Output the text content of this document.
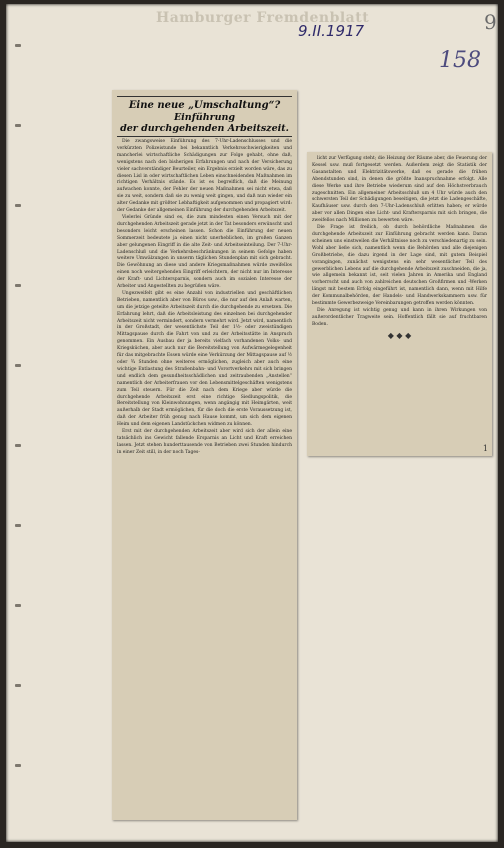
Hamburger Fremdenblatt
9.II.1917	9
158
Eine neue „Umschaltung“?
Einführung
der durchgehenden Arbeitszeit.

Die zwangsweise Einführung des 7-Uhr-Ladenschlusses und die verkürzten Polizeistunde bei bekanntlich Verkehrsschwierigkeiten und mancherlei wirtschaftliche Schädigungen zur Folge gehabt, ohne daß, wenigstens nach den bisherigen Erfahrungen und nach der Versicherung vieler sachverständiger Beurteiler, ein Ergebnis erzielt worden wäre, das zu diesen Lisl in oder wirtschaftlichen Leben einschneidenden Maßnahmen im richtigen Verhältnis stände. Es ist es begreiflich, daß die Meinung aufwachen konnte, der Fehler der neuen Maßnahmen sei nicht etwa, daß sie zu weit, sondern daß sie zu wenig weit gingen, und daß nun wieder ein alter Gedanke mit größter Lebhaftigkeit aufgenommen und propagiert wird: der Gedanke der allgemeinen Einführung der durchgehenden Arbeitszeit.

Vielerlei Gründe sind es, die zum mindesten einen Versuch mit der durchgehenden Arbeitszeit gerade jetzt in der Tat besonders erwünscht und besonders leicht erscheinen lassen. Schon die Einführung der neuen Sommerzeit bedeutete ja einen nicht unerheblichen, im großen Ganzen aber gelungenen Eingriff in die alte Zeit- und Arbeitseinteilung. Der 7-Uhr-Ladenschluß und die Verkehrsbeschränkungen in seinem Gefolge haben weitere Umwälzungen in unserm täglichen Stundenplan mit sich gebracht. Die Gewöhnung an diese und andere Kriegsmaßnahmen würde zweifellos einen noch weitergehenden Eingriff erleichtern, der nicht nur im Interesse der Kraft- und Lichtersparnis, sondern auch im sozialen Interesse der Arbeiter und Angestellten zu begrüßen wäre.

Ungezweifelt gibt es eine Anzahl von industriellen und geschäftlichen Betrieben, namentlich aber von Büros usw., die nur auf den Anlaß warten, um die jetzige geteilte Arbeitszeit durch die durchgehende zu ersetzen. Die Erfahrung lehrt, daß die Arbeitsleistung des einzelnen bei durchgehender Arbeitszeit nicht vermindert, sondern vermehrt wird. Jetzt wird, namentlich in der Großstadt, der wesentlichste Teil der 1½- oder zweistündigen Mittagspause durch die Fahrt von und zu der Arbeitsstätte in Anspruch genommen. Ein Ausbau der ja bereits vielfach vorhandenen Volks- und Kriegsküchen, aber auch nur die Bereitstellung von Aufwärmegelegenheit für das mitgebrachte Essen würde eine Verkürzung der Mittagspause auf ½ oder ¾ Stunden ohne weiteres ermöglichen, zugleich aber auch eine wichtige Entlastung des Straßenbahn- und Vorortverkehrs mit sich bringen und endlich dem gesundheitsschädlichen und zeitraubenden „Anstellen“ namentlich der Arbeiterfrauen vor den Lebensmittelgeschäften wenigstens zum Teil steuern. Für die Zeit nach dem Kriege aber würde die durchgehende Arbeitszeit erst eine richtige Siedlungspolitik, die Bereitstellung von Kleinwohnungen, wenn angängig mit Heimgärten, weit außerhalb der Stadt ermöglichen, für die doch die erste Voraussetzung ist, daß der Arbeiter früh genug nach Hause kommt, um sich dem eigenen Heim und dem eigenen Landstückchen widmen zu können.

Erst mit der durchgehenden Arbeitszeit aber wird sich der allein eine tatsächlich ins Gewicht fallende Ersparnis an Licht und Kraft erreichen lassen. Jetzt stehen hunderttausende von Betrieben zwei Stunden hindurch in einer Zeit still, in der noch Tages-

licht zur Verfügung steht; die Heizung der Räume aber, die Feuerung der Kessel usw. muß fortgesetzt werden. Außerdem zeigt die Statistik der Gasanstalten und Elektrizitätswerke, daß es gerade die frühen Abendstunden sind, in denen die größte Inanspruchnahme erfolgt. Alle diese Werke und ihre Betriebe wiederum sind auf den Höchstverbrauch zugeschnitten. Ein allgemeiner Arbeitsschluß um 4 Uhr würde auch den schwersten Teil der Schädigungen beseitigen, die jetzt die Ladengeschäfte, Kaufhäuser usw. durch den 7-Uhr-Ladenschluß erlitten haben; er würde aber vor allen Dingen eine Licht- und Kraftersparnis mit sich bringen, die zweifellos nach Millionen zu bewerten wäre.

Die Frage ist freilich, ob durch behördliche Maßnahmen die durchgehende Arbeitszeit zur Einführung gebracht werden kann. Daran scheinen uns einstweilen die Verhältnisse noch zu verschiedenartig zu sein. Wohl aber ließe sich, namentlich wenn die Behörden und alle diejenigen Großbetriebe, die dazu irgend in der Lage sind, mit gutem Beispiel vorangingen, zunächst wenigstens ein sehr wesentlicher Teil des gewerblichen Lebens auf die durchgehende Arbeitszeit zuschneiden, die ja, wie allgemein bekannt ist, seit vielen Jahren in Amerika und England vorherrscht und auch von zahlreichen deutschen Großfirmen und -Werken längst mit bestem Erfolg eingeführt ist, namentlich dann, wenn mit Hilfe der Kommunalbehörden, der Handels- und Handwerkskammern usw. für bestimmte Gewerbezweige Vereinbarungen getroffen werden könnten.

Die Anregung ist wichtig genug und kann in ihren Wirkungen von außerordentlicher Tragweite sein. Hoffentlich fällt sie auf fruchtbaren Boden.

◆ ◆ ◆
1
